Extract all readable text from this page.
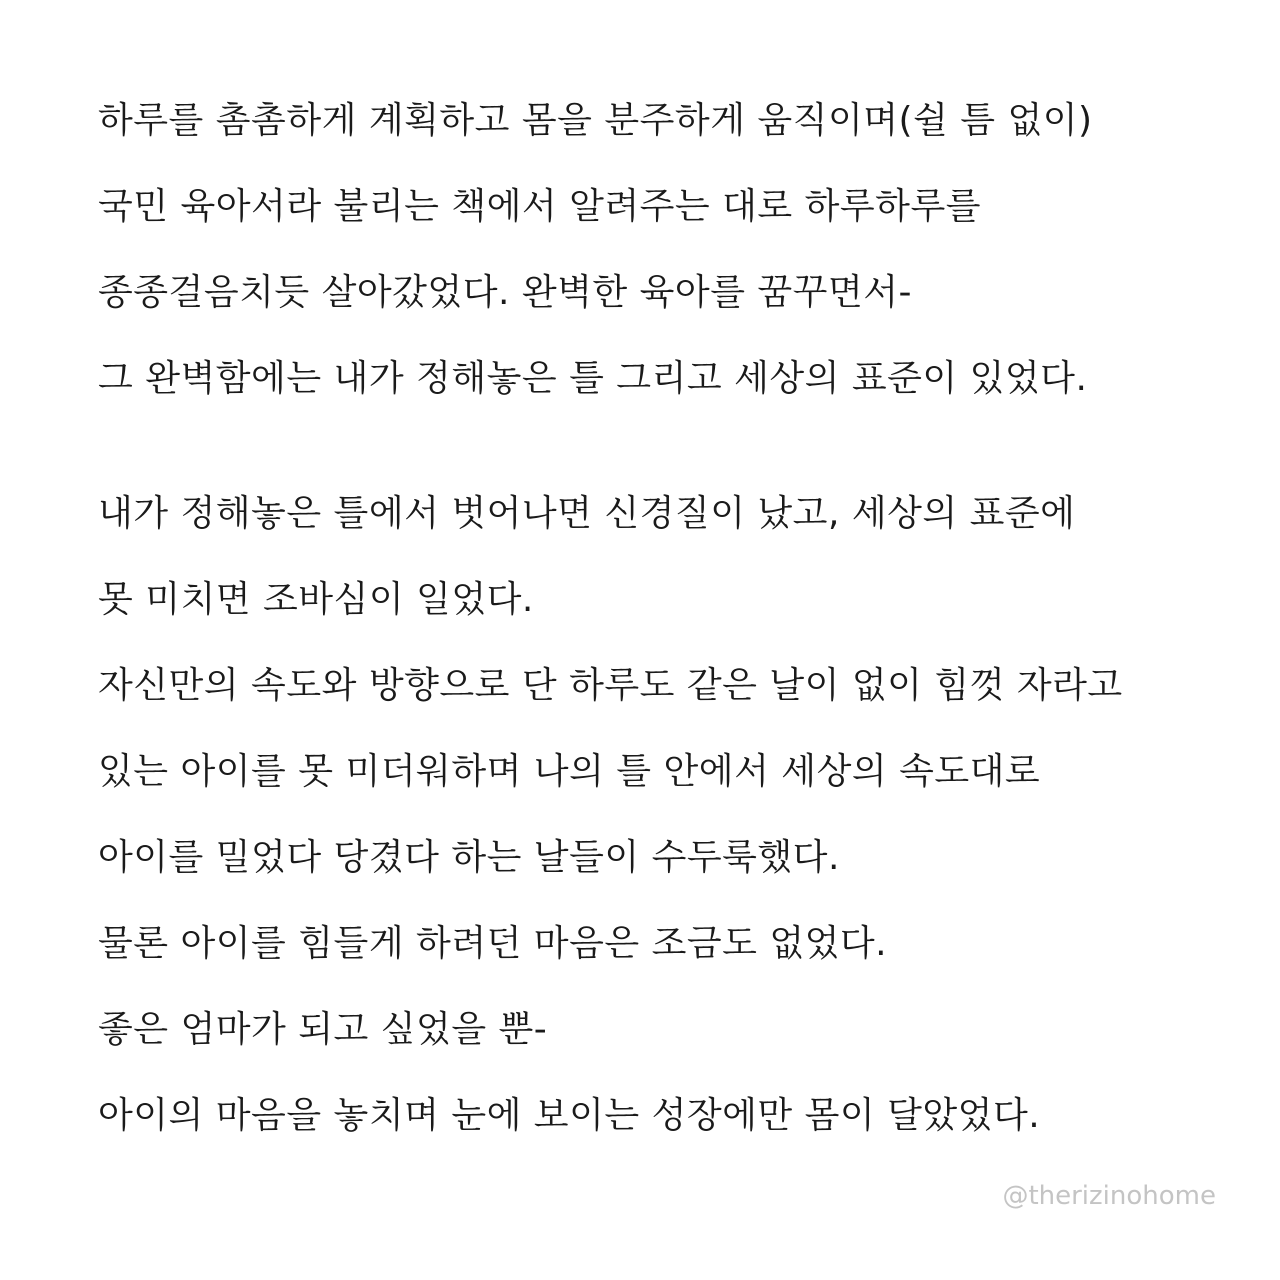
하루를 촘촘하게 계획하고 몸을 분주하게 움직이며(쉴 틈 없이)
국민 육아서라 불리는 책에서 알려주는 대로 하루하루를
종종걸음치듯 살아갔었다. 완벽한 육아를 꿈꾸면서-
그 완벽함에는 내가 정해놓은 틀 그리고 세상의 표준이 있었다.
내가 정해놓은 틀에서 벗어나면 신경질이 났고, 세상의 표준에
못 미치면 조바심이 일었다.
자신만의 속도와 방향으로 단 하루도 같은 날이 없이 힘껏 자라고
있는 아이를 못 미더워하며 나의 틀 안에서 세상의 속도대로
아이를 밀었다 당겼다 하는 날들이 수두룩했다.
물론 아이를 힘들게 하려던 마음은 조금도 없었다.
좋은 엄마가 되고 싶었을 뿐-
아이의 마음을 놓치며 눈에 보이는 성장에만 몸이 달았었다.
@therizinohome
